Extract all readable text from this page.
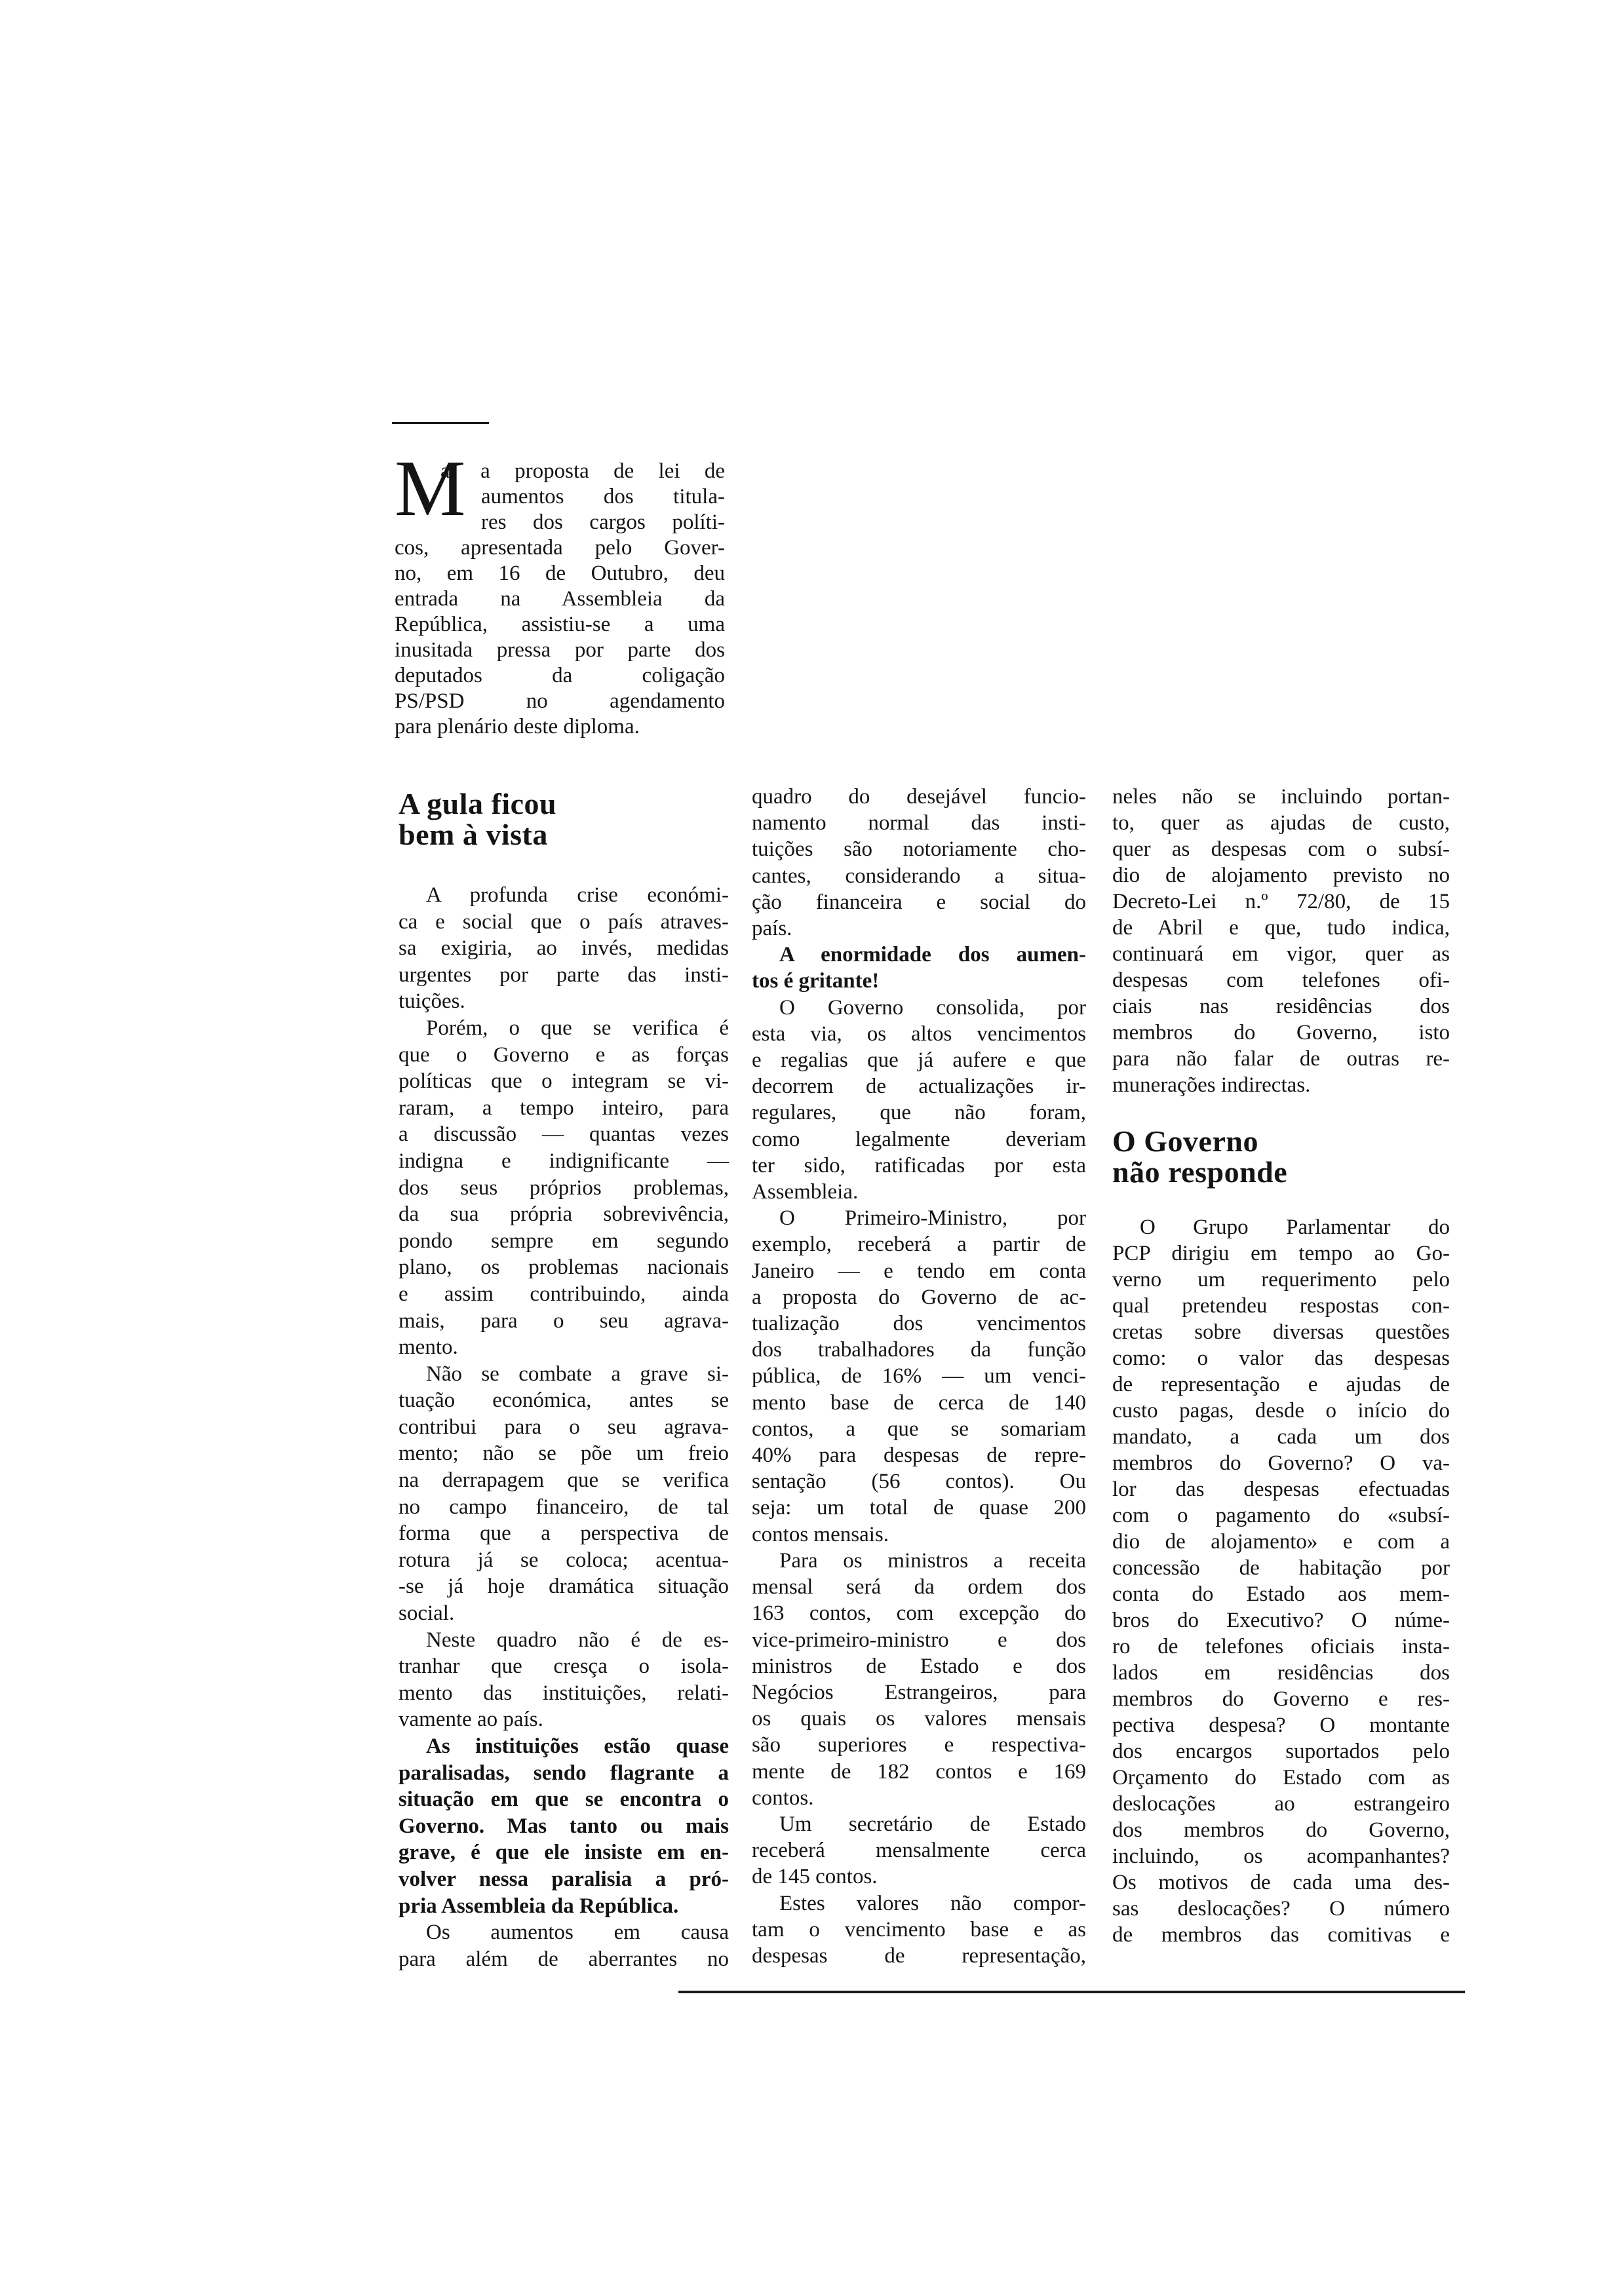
M
al a proposta de lei de
aumentos dos titula-
res dos cargos políti-
cos, apresentada pelo Gover-
no, em 16 de Outubro, deu
entrada na Assembleia da
República, assistiu-se a uma
inusitada pressa por parte dos
deputados da coligação
PS/PSD no agendamento
para plenário deste diploma.
A gula ficou
bem à vista
A profunda crise económi-
ca e social que o país atraves-
sa exigiria, ao invés, medidas
urgentes por parte das insti-
tuições.
Porém, o que se verifica é
que o Governo e as forças
políticas que o integram se vi-
raram, a tempo inteiro, para
a discussão — quantas vezes
indigna e indignificante —
dos seus próprios problemas,
da sua própria sobrevivência,
pondo sempre em segundo
plano, os problemas nacionais
e assim contribuindo, ainda
mais, para o seu agrava-
mento.
Não se combate a grave si-
tuação económica, antes se
contribui para o seu agrava-
mento; não se põe um freio
na derrapagem que se verifica
no campo financeiro, de tal
forma que a perspectiva de
rotura já se coloca; acentua-
-se já hoje dramática situação
social.
Neste quadro não é de es-
tranhar que cresça o isola-
mento das instituições, relati-
vamente ao país.
As instituições estão quase
paralisadas, sendo flagrante a
situação em que se encontra o
Governo. Mas tanto ou mais
grave, é que ele insiste em en-
volver nessa paralisia a pró-
pria Assembleia da República.
Os aumentos em causa
para além de aberrantes no
quadro do desejável funcio-
namento normal das insti-
tuições são notoriamente cho-
cantes, considerando a situa-
ção financeira e social do
país.
A enormidade dos aumen-
tos é gritante!
O Governo consolida, por
esta via, os altos vencimentos
e regalias que já aufere e que
decorrem de actualizações ir-
regulares, que não foram,
como legalmente deveriam
ter sido, ratificadas por esta
Assembleia.
O Primeiro-Ministro, por
exemplo, receberá a partir de
Janeiro — e tendo em conta
a proposta do Governo de ac-
tualização dos vencimentos
dos trabalhadores da função
pública, de 16% — um venci-
mento base de cerca de 140
contos, a que se somariam
40% para despesas de repre-
sentação (56 contos). Ou
seja: um total de quase 200
contos mensais.
Para os ministros a receita
mensal será da ordem dos
163 contos, com excepção do
vice-primeiro-ministro e dos
ministros de Estado e dos
Negócios Estrangeiros, para
os quais os valores mensais
são superiores e respectiva-
mente de 182 contos e 169
contos.
Um secretário de Estado
receberá mensalmente cerca
de 145 contos.
Estes valores não compor-
tam o vencimento base e as
despesas de representação,
neles não se incluindo portan-
to, quer as ajudas de custo,
quer as despesas com o subsí-
dio de alojamento previsto no
Decreto-Lei n.º 72/80, de 15
de Abril e que, tudo indica,
continuará em vigor, quer as
despesas com telefones ofi-
ciais nas residências dos
membros do Governo, isto
para não falar de outras re-
munerações indirectas.
O Governo
não responde
O Grupo Parlamentar do
PCP dirigiu em tempo ao Go-
verno um requerimento pelo
qual pretendeu respostas con-
cretas sobre diversas questões
como: o valor das despesas
de representação e ajudas de
custo pagas, desde o início do
mandato, a cada um dos
membros do Governo? O va-
lor das despesas efectuadas
com o pagamento do «subsí-
dio de alojamento» e com a
concessão de habitação por
conta do Estado aos mem-
bros do Executivo? O núme-
ro de telefones oficiais insta-
lados em residências dos
membros do Governo e res-
pectiva despesa? O montante
dos encargos suportados pelo
Orçamento do Estado com as
deslocações ao estrangeiro
dos membros do Governo,
incluindo, os acompanhantes?
Os motivos de cada uma des-
sas deslocações? O número
de membros das comitivas e
